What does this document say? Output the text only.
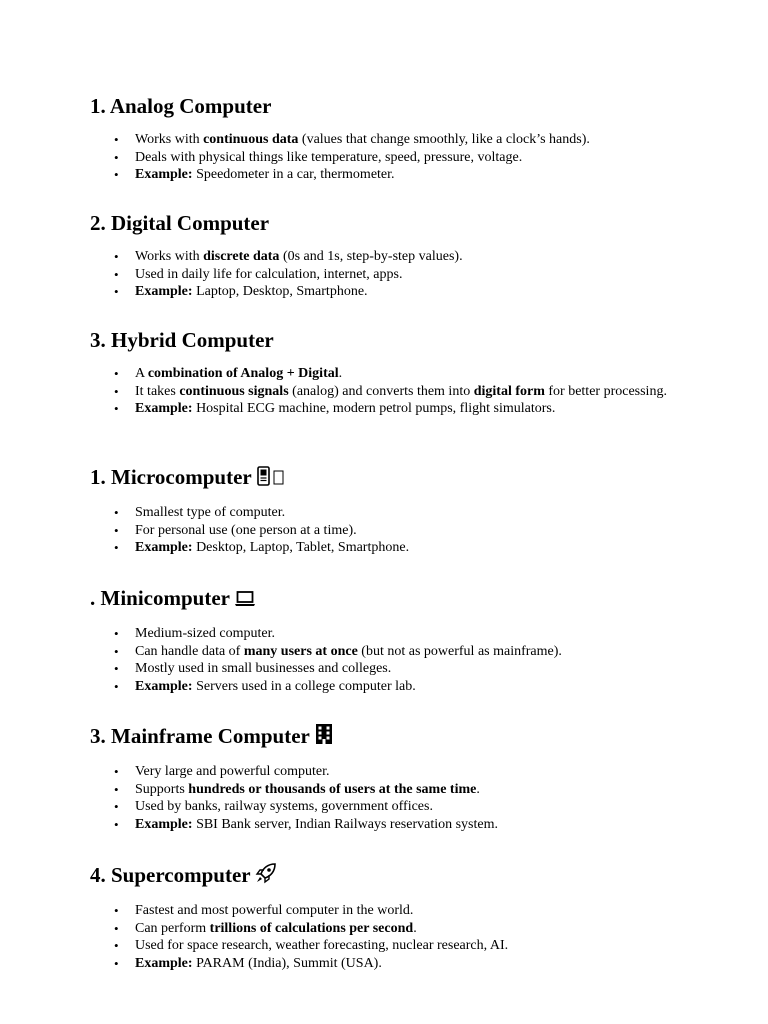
1. Analog Computer
• Works with continuous data (values that change smoothly, like a clock’s hands).
• Deals with physical things like temperature, speed, pressure, voltage.
• Example: Speedometer in a car, thermometer.
2. Digital Computer
• Works with discrete data (0s and 1s, step-by-step values).
• Used in daily life for calculation, internet, apps.
• Example: Laptop, Desktop, Smartphone.
3. Hybrid Computer
• A combination of Analog + Digital.
• It takes continuous signals (analog) and converts them into digital form for better processing.
• Example: Hospital ECG machine, modern petrol pumps, flight simulators.
1. Microcomputer
• Smallest type of computer.
• For personal use (one person at a time).
• Example: Desktop, Laptop, Tablet, Smartphone.
. Minicomputer
• Medium-sized computer.
• Can handle data of many users at once (but not as powerful as mainframe).
• Mostly used in small businesses and colleges.
• Example: Servers used in a college computer lab.
3. Mainframe Computer
• Very large and powerful computer.
• Supports hundreds or thousands of users at the same time.
• Used by banks, railway systems, government offices.
• Example: SBI Bank server, Indian Railways reservation system.
4. Supercomputer
• Fastest and most powerful computer in the world.
• Can perform trillions of calculations per second.
• Used for space research, weather forecasting, nuclear research, AI.
• Example: PARAM (India), Summit (USA).
